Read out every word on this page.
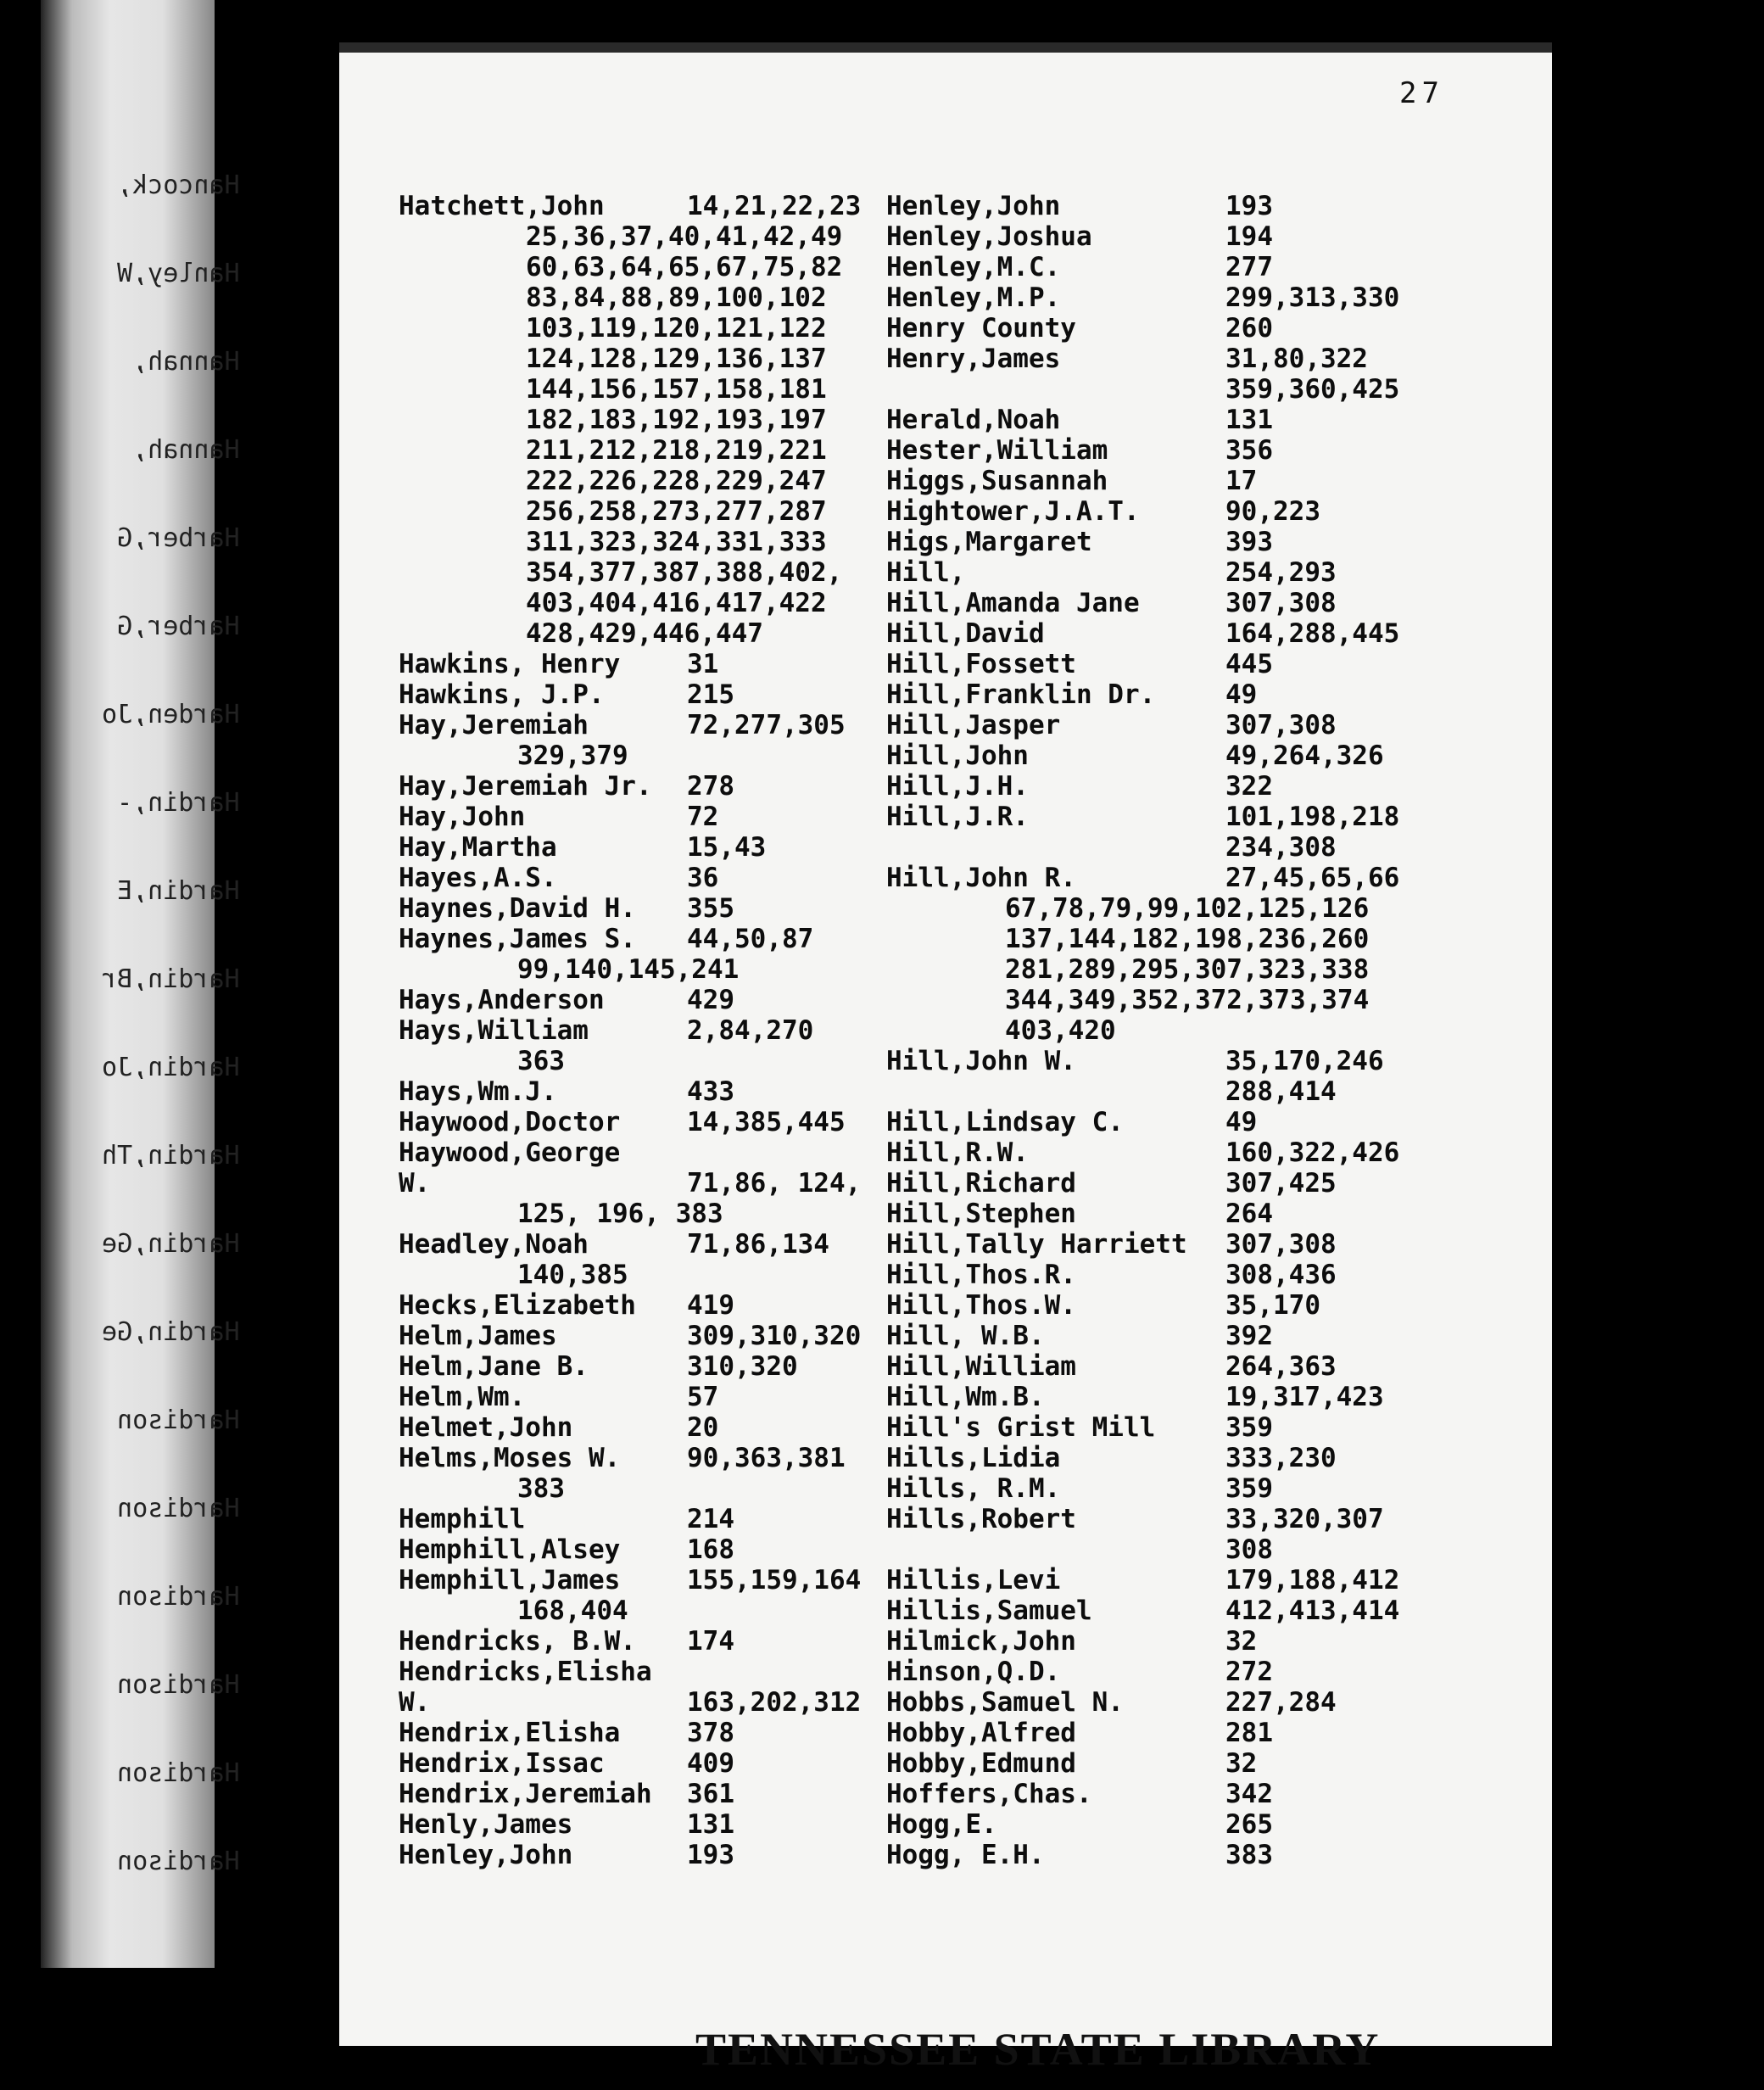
Hancock,
Hanley,W
Hannah,
Hannah,
Harber,G
Harber,G
Harden,Jo
Hardin,-
Hardin,E
Hardin,Br
Hardin,Jo
Hardin,Th
Hardin,Ge
Hardin,Ge
Hardison
Hardison
Hardison
Hardison
Hardison
Hardison
27
Hatchett,John	14,21,22,23
25,36,37,40,41,42,49
60,63,64,65,67,75,82
83,84,88,89,100,102
103,119,120,121,122
124,128,129,136,137
144,156,157,158,181
182,183,192,193,197
211,212,218,219,221
222,226,228,229,247
256,258,273,277,287
311,323,324,331,333
354,377,387,388,402,
403,404,416,417,422
428,429,446,447
Hawkins, Henry	31
Hawkins, J.P.	215
Hay,Jeremiah	72,277,305
329,379
Hay,Jeremiah Jr. 278
Hay,John	72
Hay,Martha	15,43
Hayes,A.S.	36
Haynes,David H. 355
Haynes,James S. 44,50,87
99,140,145,241
Hays,Anderson	429
Hays,William	2,84,270
363
Hays,Wm.J.	433
Haywood,Doctor	14,385,445
Haywood,George
W.	71,86, 124,
125, 196, 383
Headley,Noah	71,86,134
140,385
Hecks,Elizabeth 419
Helm,James	309,310,320
Helm,Jane B.	310,320
Helm,Wm.	57
Helmet,John	20
Helms,Moses W.	90,363,381
383
Hemphill	214
Hemphill,Alsey	168
Hemphill,James	155,159,164
168,404
Hendricks, B.W. 174
Hendricks,Elisha
W.	163,202,312
Hendrix,Elisha	378
Hendrix,Issac	409
Hendrix,Jeremiah 361
Henly,James	131
Henley,John	193
Henley,John	193
Henley,Joshua	194
Henley,M.C.	277
Henley,M.P.	299,313,330
Henry County	260
Henry,James	31,80,322
359,360,425
Herald,Noah	131
Hester,William	356
Higgs,Susannah	17
Hightower,J.A.T.	90,223
Higs,Margaret	393
Hill,	254,293
Hill,Amanda Jane	307,308
Hill,David	164,288,445
Hill,Fossett	445
Hill,Franklin Dr.	49
Hill,Jasper	307,308
Hill,John	49,264,326
Hill,J.H.	322
Hill,J.R.	101,198,218
234,308
Hill,John R.	27,45,65,66
67,78,79,99,102,125,126
137,144,182,198,236,260
281,289,295,307,323,338
344,349,352,372,373,374
403,420
Hill,John W.	35,170,246
288,414
Hill,Lindsay C.	49
Hill,R.W.	160,322,426
Hill,Richard	307,425
Hill,Stephen	264
Hill,Tally Harriett 307,308
Hill,Thos.R.	308,436
Hill,Thos.W.	35,170
Hill, W.B.	392
Hill,William	264,363
Hill,Wm.B.	19,317,423
Hill's Grist Mill	359
Hills,Lidia	333,230
Hills, R.M.	359
Hills,Robert	33,320,307
308
Hillis,Levi	179,188,412
Hillis,Samuel	412,413,414
Hilmick,John	32
Hinson,Q.D.	272
Hobbs,Samuel N.	227,284
Hobby,Alfred	281
Hobby,Edmund	32
Hoffers,Chas.	342
Hogg,E.	265
Hogg, E.H.	383
TENNESSEE STATE LIBRARY
